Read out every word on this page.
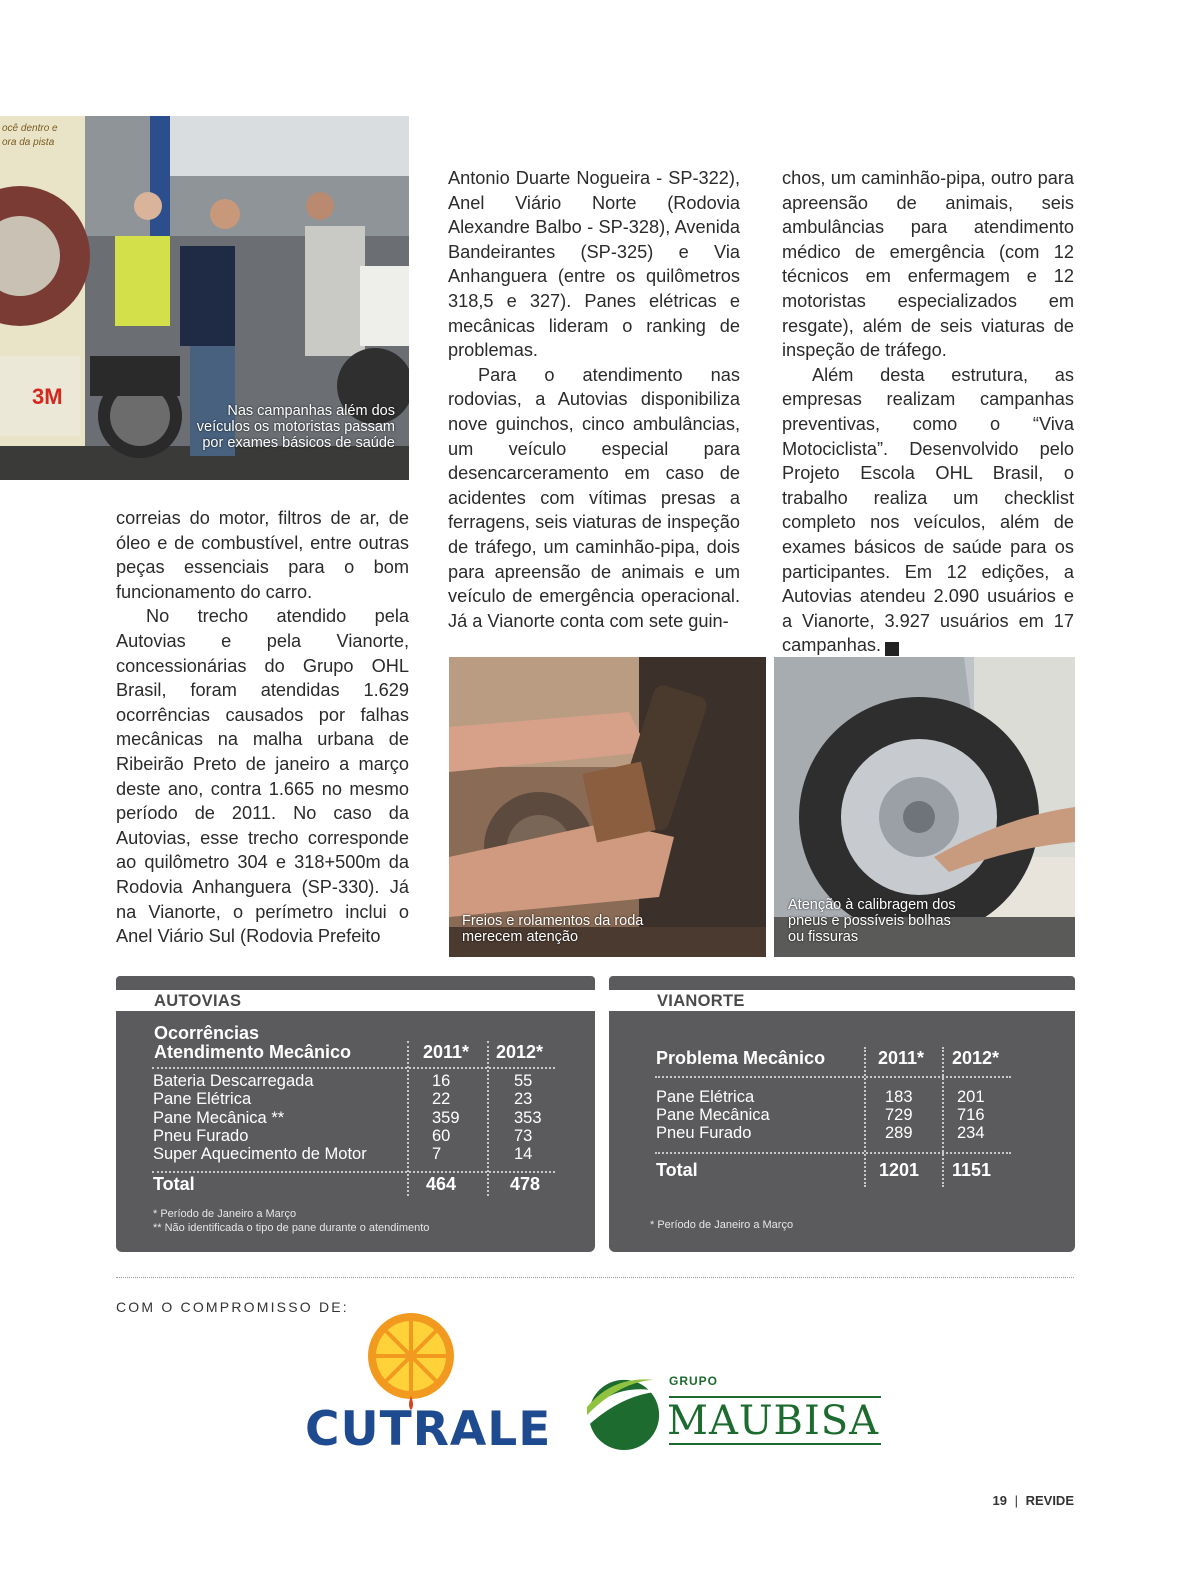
ocê dentro e
ora da pista
3M
Nas campanhas além dos veículos os motoristas passam por exames básicos de saúde

correias do motor, filtros de ar, de óleo e de combustível, entre outras peças essenciais para o bom funcionamento do carro.

No trecho atendido pela Autovias e pela Vianorte, concessionárias do Grupo OHL Brasil, foram atendidas 1.629 ocorrências causados por falhas mecânicas na malha urbana de Ribeirão Preto de janeiro a março deste ano, contra 1.665 no mesmo período de 2011. No caso da Autovias, esse trecho corresponde ao quilômetro 304 e 318+500m da Rodovia Anhanguera (SP-330). Já na Vianorte, o perímetro inclui o Anel Viário Sul (Rodovia Prefeito

Antonio Duarte Nogueira - SP-322), Anel Viário Norte (Rodovia Alexandre Balbo - SP-328), Avenida Bandeirantes (SP-325) e Via Anhanguera (entre os quilômetros 318,5 e 327). Panes elétricas e mecânicas lideram o ranking de problemas.

Para o atendimento nas rodovias, a Autovias disponibiliza nove guinchos, cinco ambulâncias, um veículo especial para desencarceramento em caso de acidentes com vítimas presas a ferragens, seis viaturas de inspeção de tráfego, um caminhão-pipa, dois para apreensão de animais e um veículo de emergência operacional. Já a Vianorte conta com sete guin-

chos, um caminhão-pipa, outro para apreensão de animais, seis ambulâncias para atendimento médico de emergência (com 12 técnicos em enfermagem e 12 motoristas especializados em resgate), além de seis viaturas de inspeção de tráfego.

Além desta estrutura, as empresas realizam campanhas preventivas, como o “Viva Motociclista”. Desenvolvido pelo Projeto Escola OHL Brasil, o trabalho realiza um checklist completo nos veículos, além de exames básicos de saúde para os participantes. Em 12 edições, a Autovias atendeu 2.090 usuários e a Vianorte, 3.927 usuários em 17 campanhas.	r

Freios e rolamentos da roda merecem atenção
Atenção à calibragem dos pneus e possíveis bolhas ou fissuras
AUTOVIAS
Ocorrências
Atendimento Mecânico	2011* 2012*
Bateria Descarregada	16	55
Pane Elétrica	22	23
Pane Mecânica **	359	353
Pneu Furado	60	73
Super Aquecimento de Motor	7	14
Total	464	478
* Período de Janeiro a Março
** Não identificada o tipo de pane durante o atendimento
VIANORTE
Problema Mecânico	2011* 2012*
Pane Elétrica	183	201
Pane Mecânica	729	716
Pneu Furado	289	234
Total	1201 1151
* Período de Janeiro a Março
COM O COMPROMISSO DE:
CUTRALE
GRUPO
MAUBISA
19 | REVIDE
